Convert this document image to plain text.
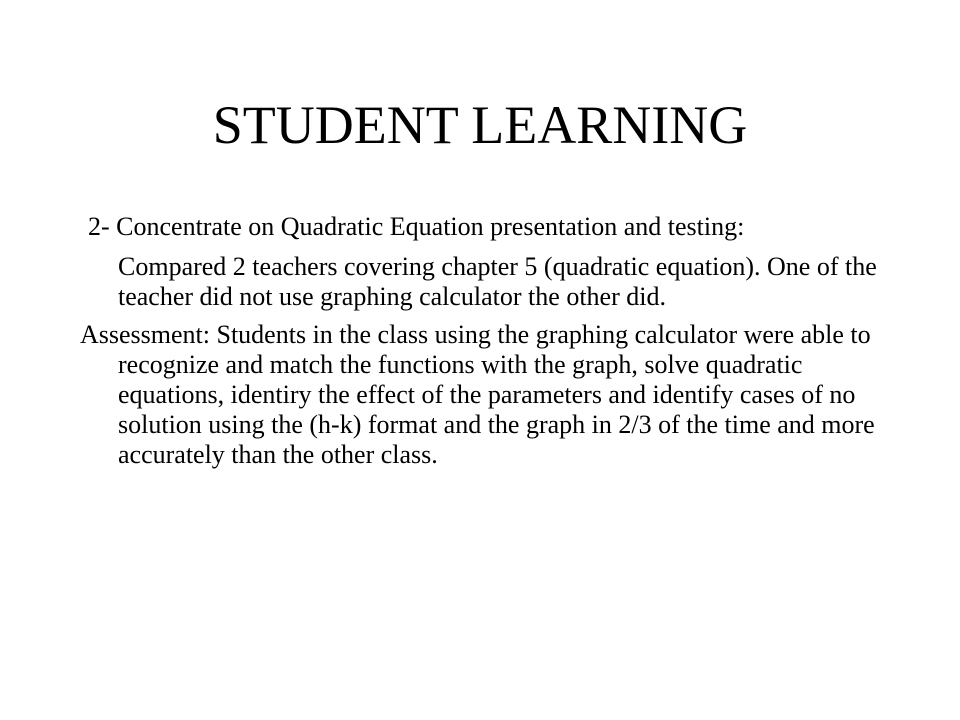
STUDENT LEARNING

2- Concentrate on Quadratic Equation presentation and testing:

Compared 2 teachers covering chapter 5 (quadratic equation). One of the teacher did not use graphing calculator the other did.

Assessment: Students in the class using the graphing calculator were able to recognize and match the functions with the graph, solve quadratic equations, identiry the effect of the parameters and identify cases of no solution using the (h-k) format and the graph in 2/3 of the time and more accurately than the other class.
